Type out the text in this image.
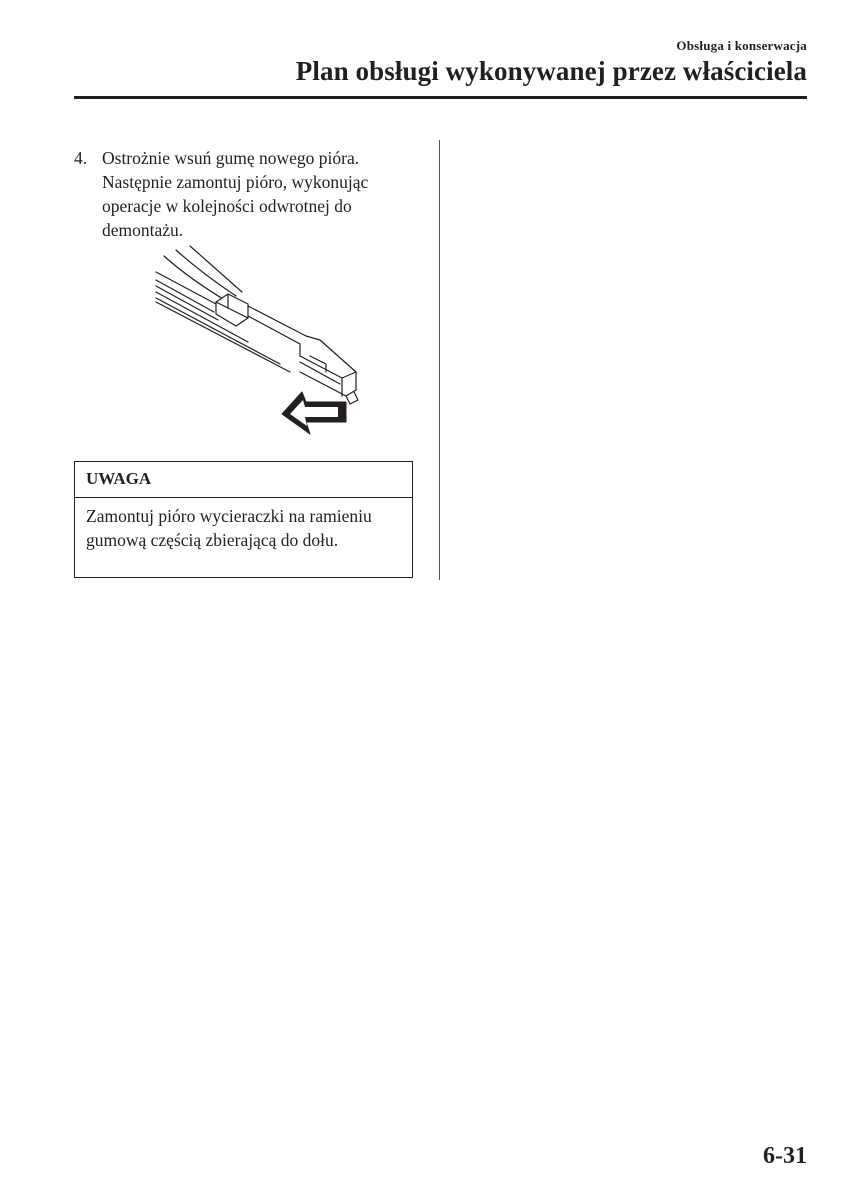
Obsługa i konserwacja
Plan obsługi wykonywanej przez właściciela
4. Ostrożnie wsuń gumę nowego pióra. Następnie zamontuj pióro, wykonując operacje w kolejności odwrotnej do demontażu.
UWAGA
Zamontuj pióro wycieraczki na ramieniu gumową częścią zbierającą do dołu.
6-31
